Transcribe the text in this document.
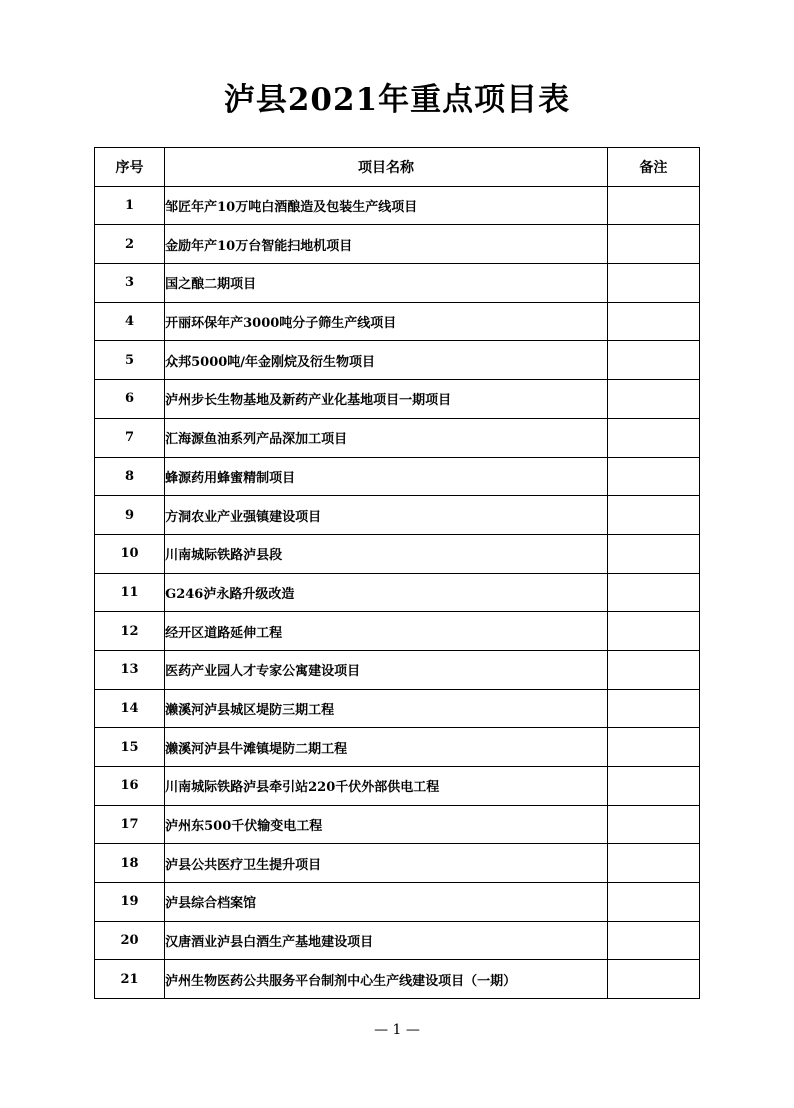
泸县2021年重点项目表
序号	项目名称	备注
1	邹匠年产10万吨白酒酿造及包装生产线项目	
2	金励年产10万台智能扫地机项目	
3	国之酿二期项目	
4	开丽环保年产3000吨分子筛生产线项目	
5	众邦5000吨/年金刚烷及衍生物项目	
6	泸州步长生物基地及新药产业化基地项目一期项目	
7	汇海源鱼油系列产品深加工项目	
8	蜂源药用蜂蜜精制项目	
9	方洞农业产业强镇建设项目	
10	川南城际铁路泸县段	
11	G246泸永路升级改造	
12	经开区道路延伸工程	
13	医药产业园人才专家公寓建设项目	
14	濑溪河泸县城区堤防三期工程	
15	濑溪河泸县牛滩镇堤防二期工程	
16	川南城际铁路泸县牵引站220千伏外部供电工程	
17	泸州东500千伏输变电工程	
18	泸县公共医疗卫生提升项目	
19	泸县综合档案馆	
20	汉唐酒业泸县白酒生产基地建设项目	
21	泸州生物医药公共服务平台制剂中心生产线建设项目（一期）	
— 1 —
